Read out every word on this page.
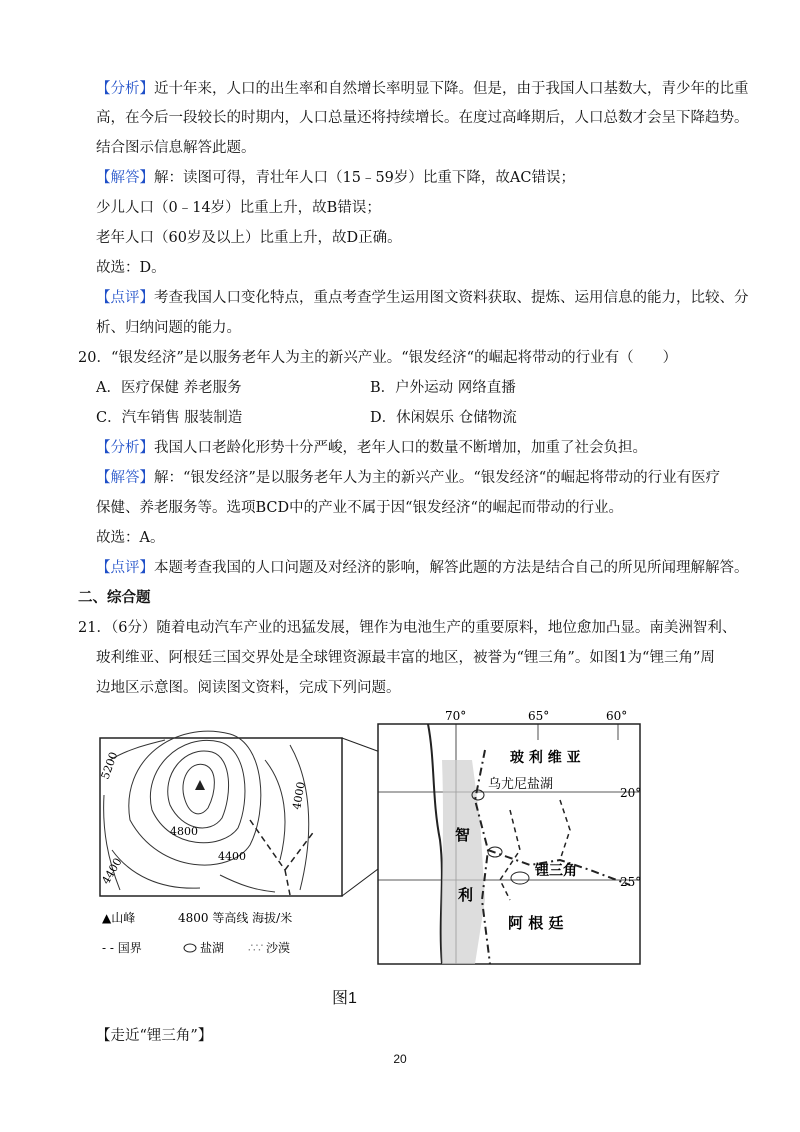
【分析】近十年来，人口的出生率和自然增长率明显下降。但是，由于我国人口基数大，青少年的比重
高，在今后一段较长的时期内，人口总量还将持续增长。在度过高峰期后，人口总数才会呈下降趋势。
结合图示信息解答此题。
【解答】解：读图可得，青壮年人口（15﹣59岁）比重下降，故AC错误；
少儿人口（0﹣14岁）比重上升，故B错误；
老年人口（60岁及以上）比重上升，故D正确。
故选：D。
【点评】考查我国人口变化特点，重点考查学生运用图文资料获取、提炼、运用信息的能力，比较、分
析、归纳问题的能力。
20．“银发经济”是以服务老年人为主的新兴产业。“银发经济“的崛起将带动的行业有（　　）
A．医疗保健 养老服务	B．户外运动 网络直播
C．汽车销售 服装制造	D．休闲娱乐 仓储物流
【分析】我国人口老龄化形势十分严峻，老年人口的数量不断增加，加重了社会负担。
【解答】解：“银发经济”是以服务老年人为主的新兴产业。“银发经济“的崛起将带动的行业有医疗
保健、养老服务等。选项BCD中的产业不属于因“银发经济“的崛起而带动的行业。
故选：A。
【点评】本题考查我国的人口问题及对经济的影响，解答此题的方法是结合自己的所见所闻理解解答。
二、综合题
21．（6分）随着电动汽车产业的迅猛发展，锂作为电池生产的重要原料，地位愈加凸显。南美洲智利、
玻利维亚、阿根廷三国交界处是全球锂资源最丰富的地区，被誉为“锂三角”。如图1为“锂三角”周
边地区示意图。阅读图文资料，完成下列问题。
5200
4800
4400
4000
4400
▲山峰	4800 等高线 海拔/米
- - 国界	盐湖 ∴∵ 沙漠
70°	65°	60°
20°
25°
玻 利 维 亚
乌尤尼盐湖
锂三角
阿 根 廷
智
利
图1
【走近“锂三角”】
20
